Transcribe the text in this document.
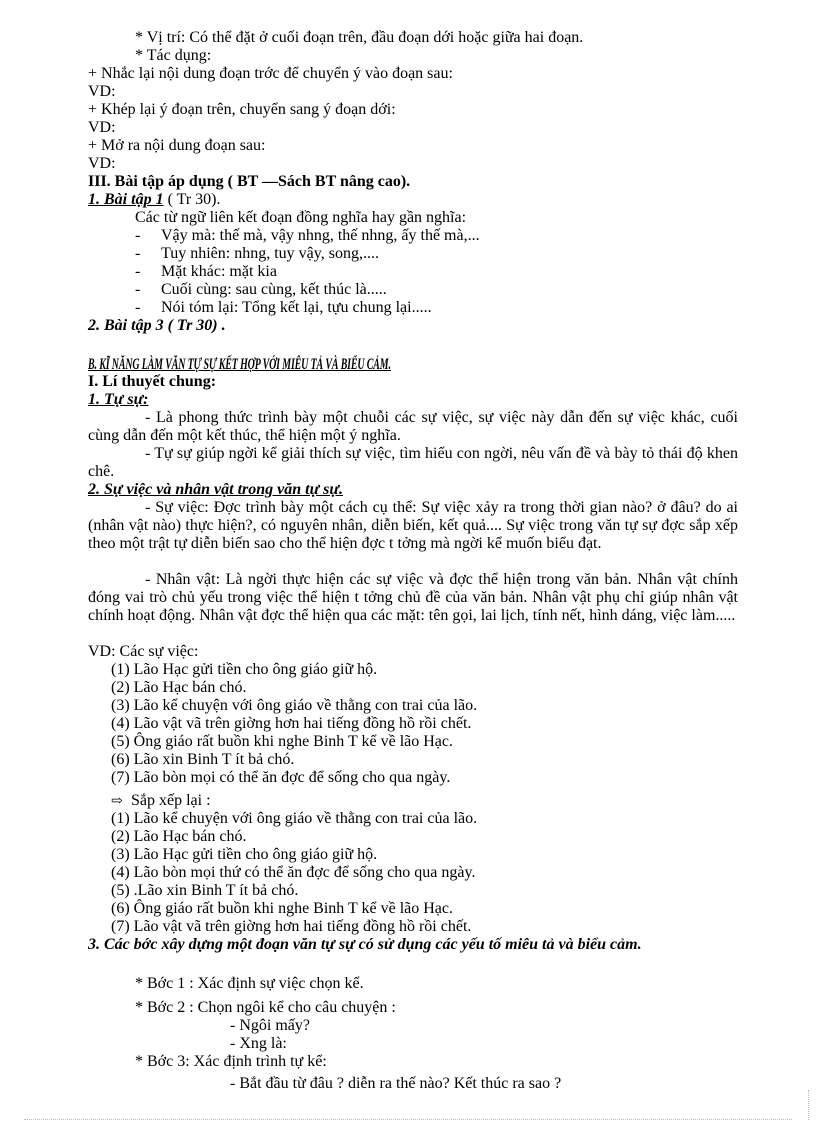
* Vị trí: Có thể đặt ở cuối đoạn trên, đầu đoạn dới hoặc giữa hai đoạn.
* Tác dụng:
+ Nhắc lại nội dung đoạn trớc để chuyển ý vào đoạn sau:
VD:
+ Khép lại ý đoạn trên, chuyển sang ý đoạn dới:
VD:
+ Mở ra nội dung đoạn sau:
VD:
III. Bài tập áp dụng ( BT —Sách BT nâng cao).
1. Bài tập 1 ( Tr 30).
Các từ ngữ liên kết đoạn đồng nghĩa hay gần nghĩa:
- Vậy mà: thế mà, vậy nhng, thế nhng, ấy thế mà,...
- Tuy nhiên: nhng, tuy vậy, song,....
- Mặt khác: mặt kia
- Cuối cùng: sau cùng, kết thúc là.....
- Nói tóm lại: Tổng kết lại, tựu chung lại.....
2. Bài tập 3 ( Tr 30) .
B. KĨ NĂNG LÀM VĂN TỰ SỰ KẾT HỢP VỚI MIÊU TẢ VÀ BIỂU CẢM.
I. Lí thuyết chung:
1. Tự sự:
- Là phong thức trình bày một chuỗi các sự việc, sự việc này dẫn đến sự việc khác, cuối cùng dẫn đến một kết thúc, thể hiện một ý nghĩa.
- Tự sự giúp ngời kể giải thích sự việc, tìm hiểu con ngời, nêu vấn đề và bày tỏ thái độ khen chê.
2. Sự việc và nhân vật trong văn tự sự.
- Sự việc: Đợc trình bày một cách cụ thể: Sự việc xảy ra trong thời gian nào? ở đâu? do ai (nhân vật nào) thực hiện?, có nguyên nhân, diễn biến, kết quả.... Sự việc trong văn tự sự đợc sắp xếp theo một trật tự diễn biến sao cho thể hiện đợc t tởng mà ngời kể muốn biểu đạt.
- Nhân vật: Là ngời thực hiện các sự việc và đợc thể hiện trong văn bản. Nhân vật chính đóng vai trò chủ yếu trong việc thể hiện t tởng chủ đề của văn bản. Nhân vật phụ chỉ giúp nhân vật chính hoạt động. Nhân vật đợc thể hiện qua các mặt: tên gọi, lai lịch, tính nết, hình dáng, việc làm.....
VD: Các sự việc:
(1) Lão Hạc gửi tiền cho ông giáo giữ hộ.
(2) Lão Hạc bán chó.
(3) Lão kể chuyện với ông giáo về thằng con trai của lão.
(4) Lão vật vã trên giờng hơn hai tiếng đồng hồ rồi chết.
(5) Ông giáo rất buồn khi nghe Binh T kể về lão Hạc.
(6) Lão xin Binh T ít bả chó.
(7) Lão bòn mọi có thể ăn đợc để sống cho qua ngày.
⇨ Sắp xếp lại :
(1) Lão kể chuyện với ông giáo về thằng con trai của lão.
(2) Lão Hạc bán chó.
(3) Lão Hạc gửi tiền cho ông giáo giữ hộ.
(4) Lão bòn mọi thứ có thể ăn đợc để sống cho qua ngày.
(5) .Lão xin Binh T ít bả chó.
(6) Ông giáo rất buồn khi nghe Binh T kể về lão Hạc.
(7) Lão vật vã trên giờng hơn hai tiếng đồng hồ rồi chết.
3. Các bớc xây dựng một đoạn văn tự sự có sử dụng các yếu tố miêu tả và biểu cảm.
* Bớc 1 : Xác định sự việc chọn kể.
* Bớc 2 : Chọn ngôi kể cho câu chuyện :
- Ngôi mấy?
- Xng là:
* Bớc 3: Xác định trình tự kể:
- Bắt đầu từ đâu ? diễn ra thế nào? Kết thúc ra sao ?
